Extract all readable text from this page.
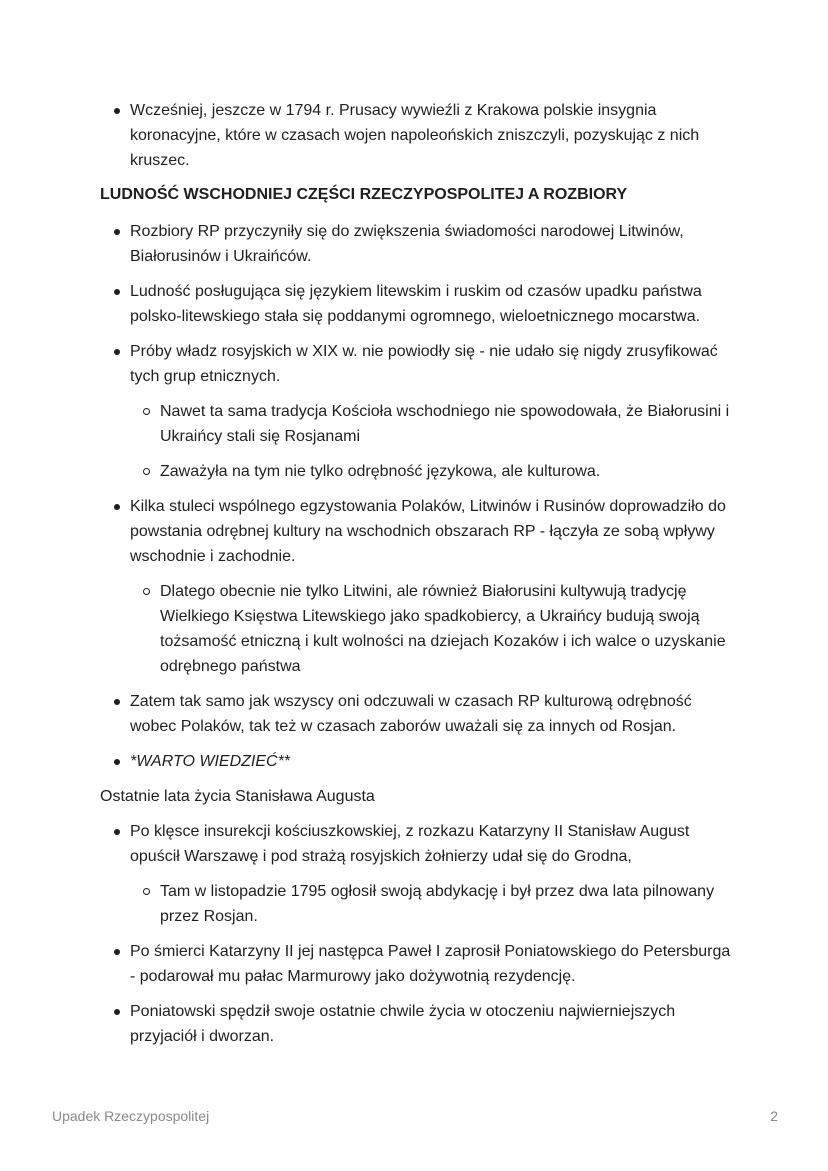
Wcześniej, jeszcze w 1794 r. Prusacy wywieźli z Krakowa polskie insygnia koronacyjne, które w czasach wojen napoleońskich zniszczyli, pozyskując z nich kruszec.
LUDNOŚĆ WSCHODNIEJ CZĘŚCI RZECZYPOSPOLITEJ A ROZBIORY
Rozbiory RP przyczyniły się do zwiększenia świadomości narodowej Litwinów, Białorusinów i Ukraińców.
Ludność posługująca się językiem litewskim i ruskim od czasów upadku państwa polsko-litewskiego stała się poddanymi ogromnego, wieloetnicznego mocarstwa.
Próby władz rosyjskich w XIX w. nie powiodły się - nie udało się nigdy zrusyfikować tych grup etnicznych.
Nawet ta sama tradycja Kościoła wschodniego nie spowodowała, że Białorusini i Ukraińcy stali się Rosjanami
Zaważyła na tym nie tylko odrębność językowa, ale kulturowa.
Kilka stuleci wspólnego egzystowania Polaków, Litwinów i Rusinów doprowadziło do powstania odrębnej kultury na wschodnich obszarach RP - łączyła ze sobą wpływy wschodnie i zachodnie.
Dlatego obecnie nie tylko Litwini, ale również Białorusini kultywują tradycję Wielkiego Księstwa Litewskiego jako spadkobiercy, a Ukraińcy budują swoją tożsamość etniczną i kult wolności na dziejach Kozaków i ich walce o uzyskanie odrębnego państwa
Zatem tak samo jak wszyscy oni odczuwali w czasach RP kulturową odrębność wobec Polaków, tak też w czasach zaborów uważali się za innych od Rosjan.
*WARTO WIEDZIEĆ**
Ostatnie lata życia Stanisława Augusta
Po klęsce insurekcji kościuszkowskiej, z rozkazu Katarzyny II Stanisław August opuścił Warszawę i pod strażą rosyjskich żołnierzy udał się do Grodna,
Tam w listopadzie 1795 ogłosił swoją abdykację i był przez dwa lata pilnowany przez Rosjan.
Po śmierci Katarzyny II jej następca Paweł I zaprosił Poniatowskiego do Petersburga - podarował mu pałac Marmurowy jako dożywotnią rezydencję.
Poniatowski spędził swoje ostatnie chwile życia w otoczeniu najwierniejszych przyjaciół i dworzan.
Upadek Rzeczypospolitej	2
